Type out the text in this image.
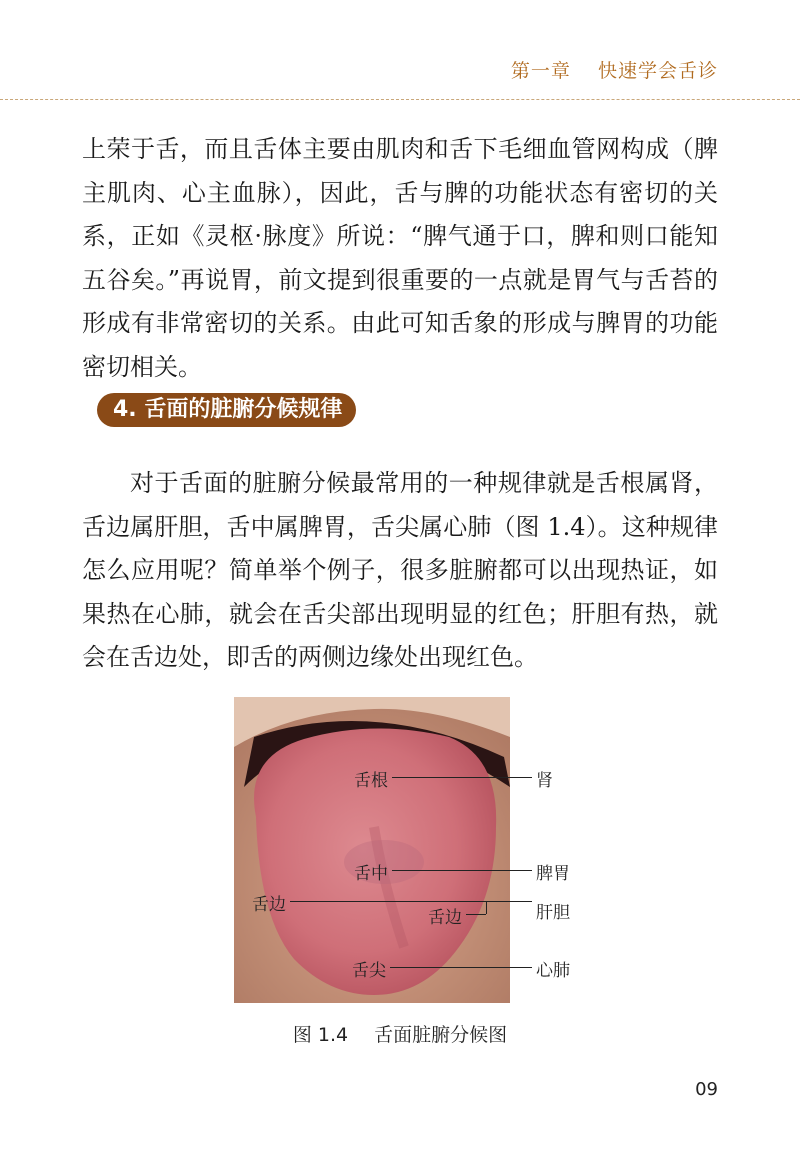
第一章 快速学会舌诊

上荣于舌，而且舌体主要由肌肉和舌下毛细血管网构成（脾主肌肉、心主血脉），因此，舌与脾的功能状态有密切的关系，正如《灵枢·脉度》所说：“脾气通于口，脾和则口能知五谷矣。”再说胃，前文提到很重要的一点就是胃气与舌苔的形成有非常密切的关系。由此可知舌象的形成与脾胃的功能密切相关。

4. 舌面的脏腑分候规律

对于舌面的脏腑分候最常用的一种规律就是舌根属肾，舌边属肝胆，舌中属脾胃，舌尖属心肺（图 1.4）。这种规律怎么应用呢？简单举个例子，很多脏腑都可以出现热证，如果热在心肺，就会在舌尖部出现明显的红色；肝胆有热，就会在舌边处，即舌的两侧边缘处出现红色。

舌根	肾
舌中	脾胃
舌边
舌边	肝胆
舌尖	心肺
图 1.4 舌面脏腑分候图
09
